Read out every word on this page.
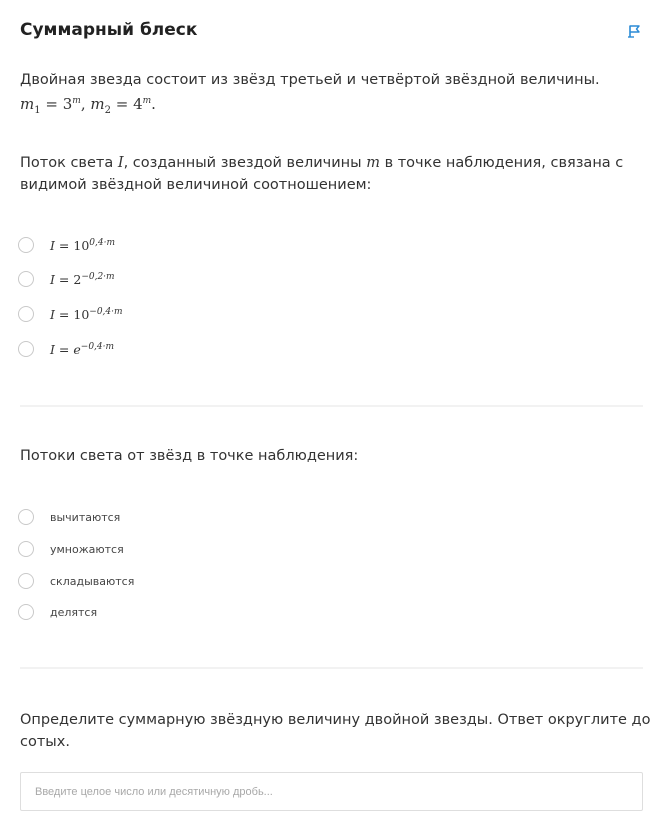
Суммарный блеск
Двойная звезда состоит из звёзд третьей и четвёртой звёздной величины.
$m_1 = 3^m$, $m_2 = 4^m$.
Поток света I, созданный звездой величины m в точке наблюдения, связана с видимой звёздной величиной соотношением:
$I = 10^{0,4\cdot m}$
$I = 2^{-0,2\cdot m}$
$I = 10^{-0,4\cdot m}$
$I = e^{-0,4\cdot m}$
Потоки света от звёзд в точке наблюдения:
вычитаются
умножаются
складываются
делятся
Определите суммарную звёздную величину двойной звезды. Ответ округлите до сотых.
Введите целое число или десятичную дробь...
